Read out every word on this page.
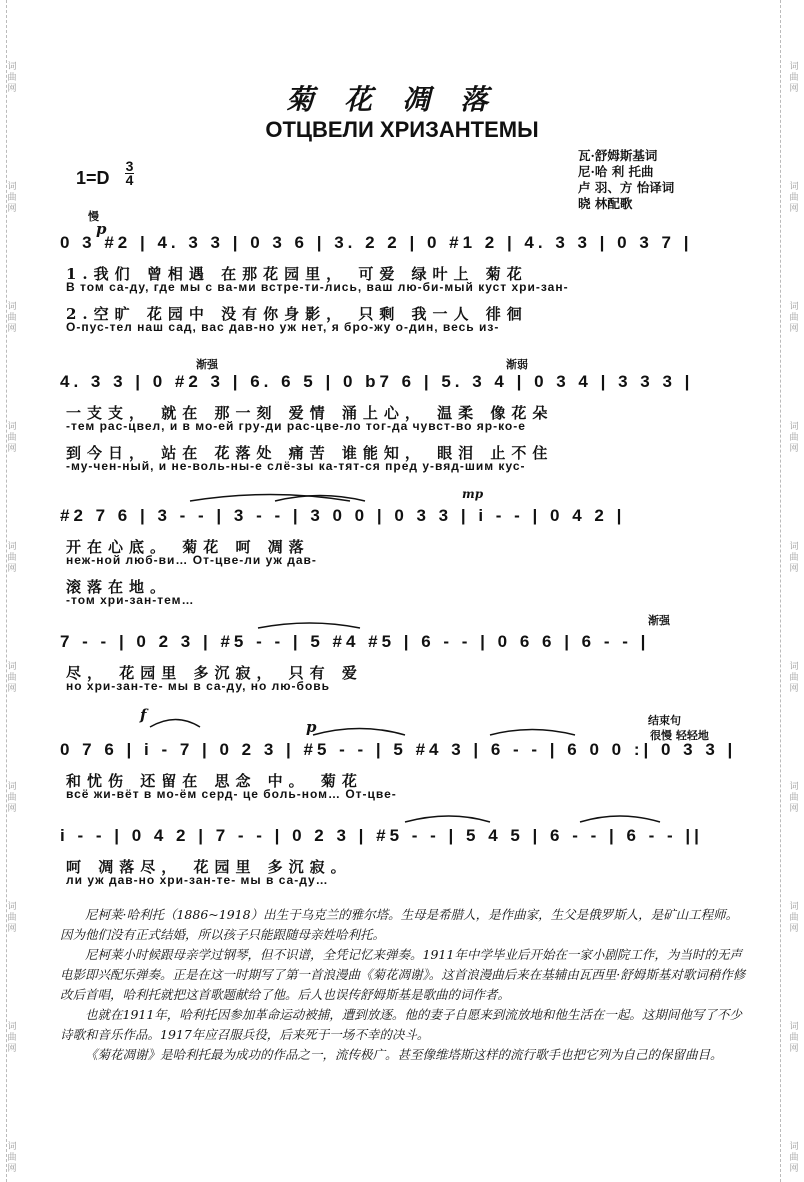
词
曲
网
词
曲
网
词
曲
网
词
曲
网
词
曲
网
词
曲
网
词
曲
网
词
曲
网
词
曲
网
词
曲
网
词
曲
网
词
曲
网
词
曲
网
词
曲
网
词
曲
网
词
曲
网
词
曲
网
词
曲
网
词
曲
网
词
曲
网
菊花凋落
ОТЦВЕЛИ ХРИЗАНТЕМЫ
瓦·舒姆斯基词
尼·哈 利 托曲
卢 羽、方 怡译词
晓 林配歌
1=D
3
4
慢
渐强	渐弱
渐强
结束句
很慢 轻轻地
p
mp
f
p
0 3 #2 | 4. 3 3 | 0 3 6 | 3. 2 2 | 0 #1 2 | 4. 3 3 | 0 3 7 |
1.我们 曾相遇 在那花园里， 可爱 绿叶上 菊花
В том са-ду, где мы с ва-ми встре-ти-лись, ваш лю-би-мый куст хри-зан-
2.空旷 花园中 没有你身影， 只剩 我一人 徘徊
О-пус-тел наш сад, вас дав-но уж нет, я бро-жу о-дин, весь из-
4. 3 3 | 0 #2 3 | 6. 6 5 | 0 b7 6 | 5. 3 4 | 0 3 4 | 3 3 3 |
一支支， 就在 那一刻 爱情 涌上心， 温柔 像花朵
-тем рас-цвел, и в мо-ей гру-ди рас-цве-ло тог-да чувст-во яр-ко-е
到今日， 站在 花落处 痛苦 谁能知， 眼泪 止不住
-му-чен-ный, и не-воль-ны-е слё-зы ка-тят-ся пред у-вяд-шим кус-
#2 7 6 | 3 - - | 3 - - | 3 0 0 | 0 3 3 | i - - | 0 4 2 |
开在心底。 菊花 呵 凋落
неж-ной люб-ви… От-цве-ли уж дав-
滚落在地。
-том хри-зан-тем…
7 - - | 0 2 3 | #5 - - | 5 #4 #5 | 6 - - | 0 6 6 | 6 - - |
尽， 花园里 多沉寂， 只有 爱
но хри-зан-те- мы в са-ду, но лю-бовь
0 7 6 | i - 7 | 0 2 3 | #5 - - | 5 #4 3 | 6 - - | 6 0 0 :| 0 3 3 |
和忧伤 还留在 思念 中。 菊花
всё жи-вёт в мо-ём серд- це боль-ном… От-цве-
i - - | 0 4 2 | 7 - - | 0 2 3 | #5 - - | 5 4 5 | 6 - - | 6 - - ||
呵 凋落尽， 花园里 多沉寂。
ли уж дав-но хри-зан-те- мы в са-ду…

尼柯莱·哈利托（1886~1918）出生于乌克兰的雅尔塔。生母是希腊人，是作曲家，生父是俄罗斯人，是矿山工程师。因为他们没有正式结婚，所以孩子只能跟随母亲姓哈利托。

尼柯莱小时候跟母亲学过钢琴，但不识谱，全凭记忆来弹奏。1911年中学毕业后开始在一家小剧院工作，为当时的无声电影即兴配乐弹奏。正是在这一时期写了第一首浪漫曲《菊花凋谢》。这首浪漫曲后来在基辅由瓦西里·舒姆斯基对歌词稍作修改后首唱，哈利托就把这首歌题献给了他。后人也误传舒姆斯基是歌曲的词作者。

也就在1911年，哈利托因参加革命运动被捕，遭到放逐。他的妻子自愿来到流放地和他生活在一起。这期间他写了不少诗歌和音乐作品。1917年应召服兵役，后来死于一场不幸的决斗。

《菊花凋谢》是哈利托最为成功的作品之一，流传极广。甚至像维塔斯这样的流行歌手也把它列为自己的保留曲目。
